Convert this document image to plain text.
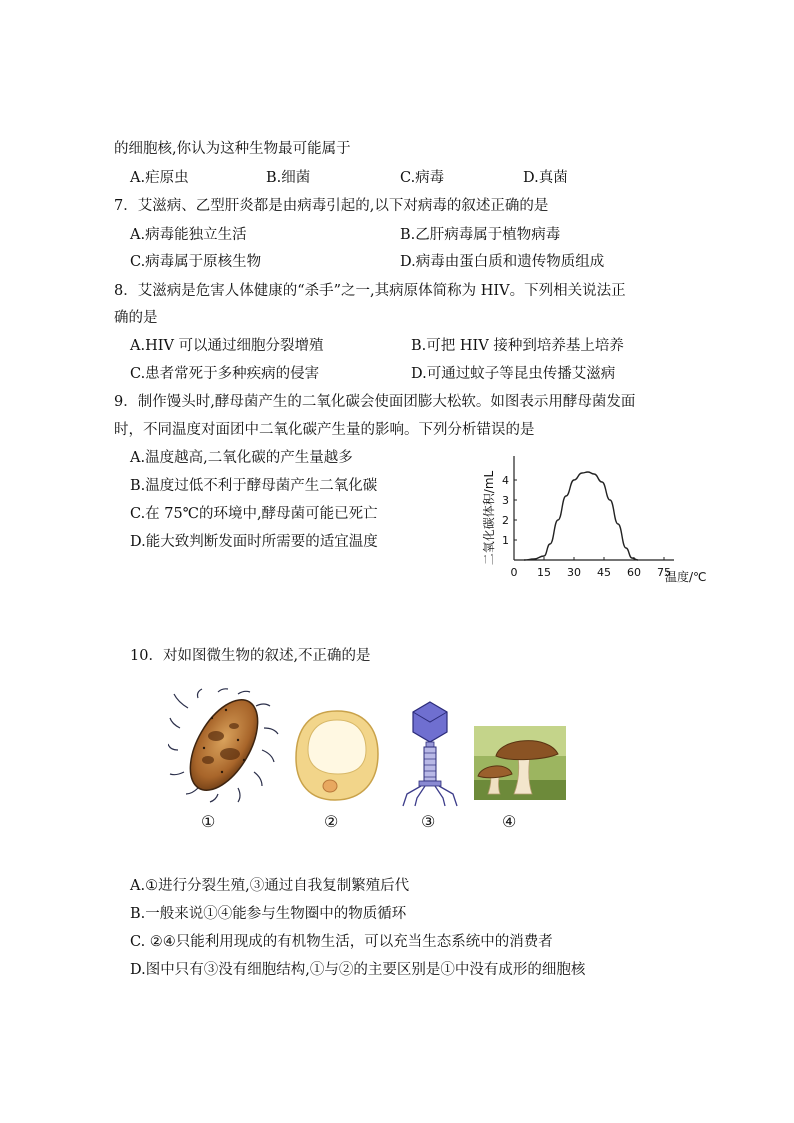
的细胞核,你认为这种生物最可能属于
A.疟原虫	B.细菌	C.病毒	D.真菌
7．艾滋病、乙型肝炎都是由病毒引起的,以下对病毒的叙述正确的是
A.病毒能独立生活	B.乙肝病毒属于植物病毒
C.病毒属于原核生物	D.病毒由蛋白质和遗传物质组成
8．艾滋病是危害人体健康的“杀手”之一,其病原体简称为 HIV。下列相关说法正
确的是
A.HIV 可以通过细胞分裂增殖	B.可把 HIV 接种到培养基上培养
C.患者常死于多种疾病的侵害	D.可通过蚊子等昆虫传播艾滋病
9．制作馒头时,酵母菌产生的二氧化碳会使面团膨大松软。如图表示用酵母菌发面
时，不同温度对面团中二氧化碳产生量的影响。下列分析错误的是
A.温度越高,二氧化碳的产生量越多
B.温度过低不利于酵母菌产生二氧化碳
C.在 75℃的环境中,酵母菌可能已死亡
D.能大致判断发面时所需要的适宜温度	1
2
3
4
0 15 30 45 60 75
二氧化碳体积/mL
温度/℃
10．对如图微生物的叙述,不正确的是
①	②	③	④
A.①进行分裂生殖,③通过自我复制繁殖后代
B.一般来说①④能参与生物圈中的物质循环
C. ②④只能利用现成的有机物生活，可以充当生态系统中的消费者
D.图中只有③没有细胞结构,①与②的主要区别是①中没有成形的细胞核
